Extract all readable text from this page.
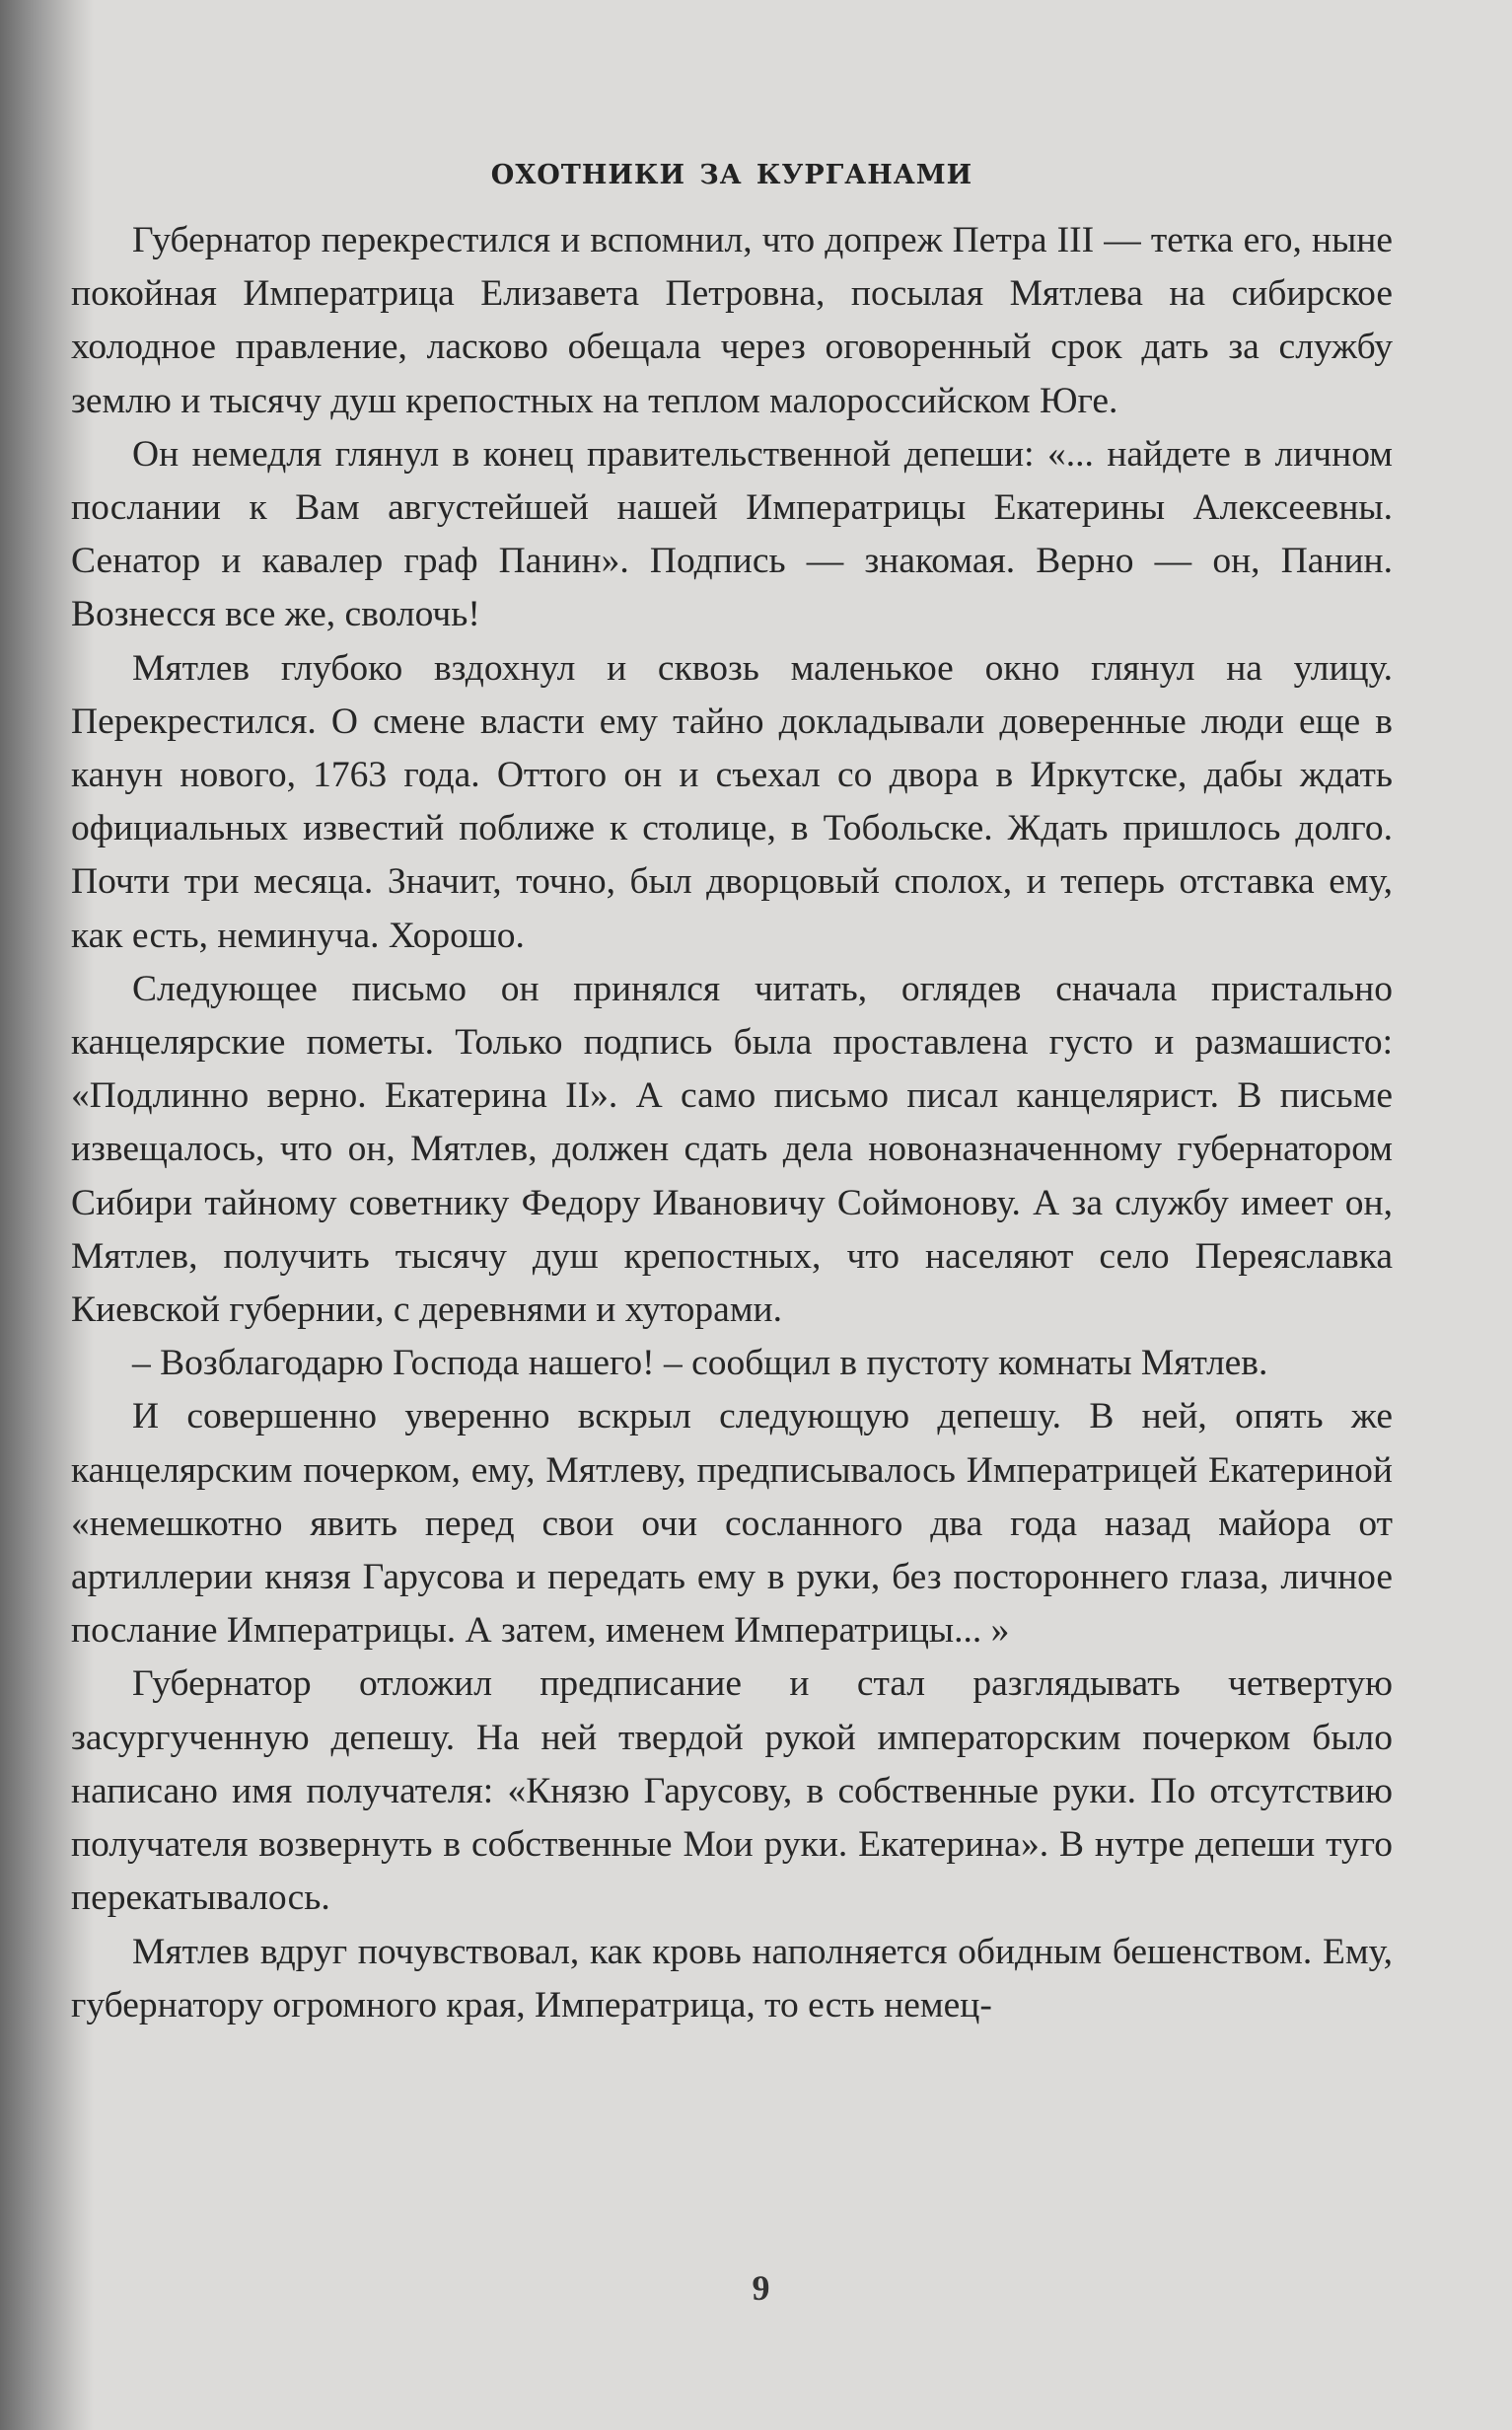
охотники за курганами

Губернатор перекрестился и вспомнил, что допреж Петра III — тетка его, ныне покойная Императрица Елизавета Петровна, посылая Мятлева на сибирское холодное правление, ласково обещала через оговоренный срок дать за службу землю и тысячу душ крепостных на теплом малороссийском Юге.

Он немедля глянул в конец правительственной депеши: «... найдете в личном послании к Вам августейшей нашей Императрицы Екатерины Алексеевны. Сенатор и кавалер граф Панин». Подпись — знакомая. Верно — он, Панин. Вознесся все же, сволочь!

Мятлев глубоко вздохнул и сквозь маленькое окно глянул на улицу. Перекрестился. О смене власти ему тайно докладывали доверенные люди еще в канун нового, 1763 года. Оттого он и съехал со двора в Иркутске, дабы ждать официальных известий поближе к столице, в Тобольске. Ждать пришлось долго. Почти три месяца. Значит, точно, был дворцовый сполох, и теперь отставка ему, как есть, неминуча. Хорошо.

Следующее письмо он принялся читать, оглядев сначала пристально канцелярские пометы. Только подпись была проставлена густо и размашисто: «Подлинно верно. Екатерина II». А само письмо писал канцелярист. В письме извещалось, что он, Мятлев, должен сдать дела новоназначенному губернатором Сибири тайному советнику Федору Ивановичу Соймонову. А за службу имеет он, Мятлев, получить тысячу душ крепостных, что населяют село Переяславка Киевской губернии, с деревнями и хуторами.

– Возблагодарю Господа нашего! – сообщил в пустоту комнаты Мятлев.

И совершенно уверенно вскрыл следующую депешу. В ней, опять же канцелярским почерком, ему, Мятлеву, предписывалось Императрицей Екатериной «немешкотно явить перед свои очи сосланного два года назад майора от артиллерии князя Гарусова и передать ему в руки, без постороннего глаза, личное послание Императрицы. А затем, именем Императрицы... »

Губернатор отложил предписание и стал разглядывать четвертую засургученную депешу. На ней твердой рукой императорским почерком было написано имя получателя: «Князю Гарусову, в собственные руки. По отсутствию получателя возвернуть в собственные Мои руки. Екатерина». В нутре депеши туго перекатывалось.

Мятлев вдруг почувствовал, как кровь наполняется обидным бешенством. Ему, губернатору огромного края, Императрица, то есть немец-

9
